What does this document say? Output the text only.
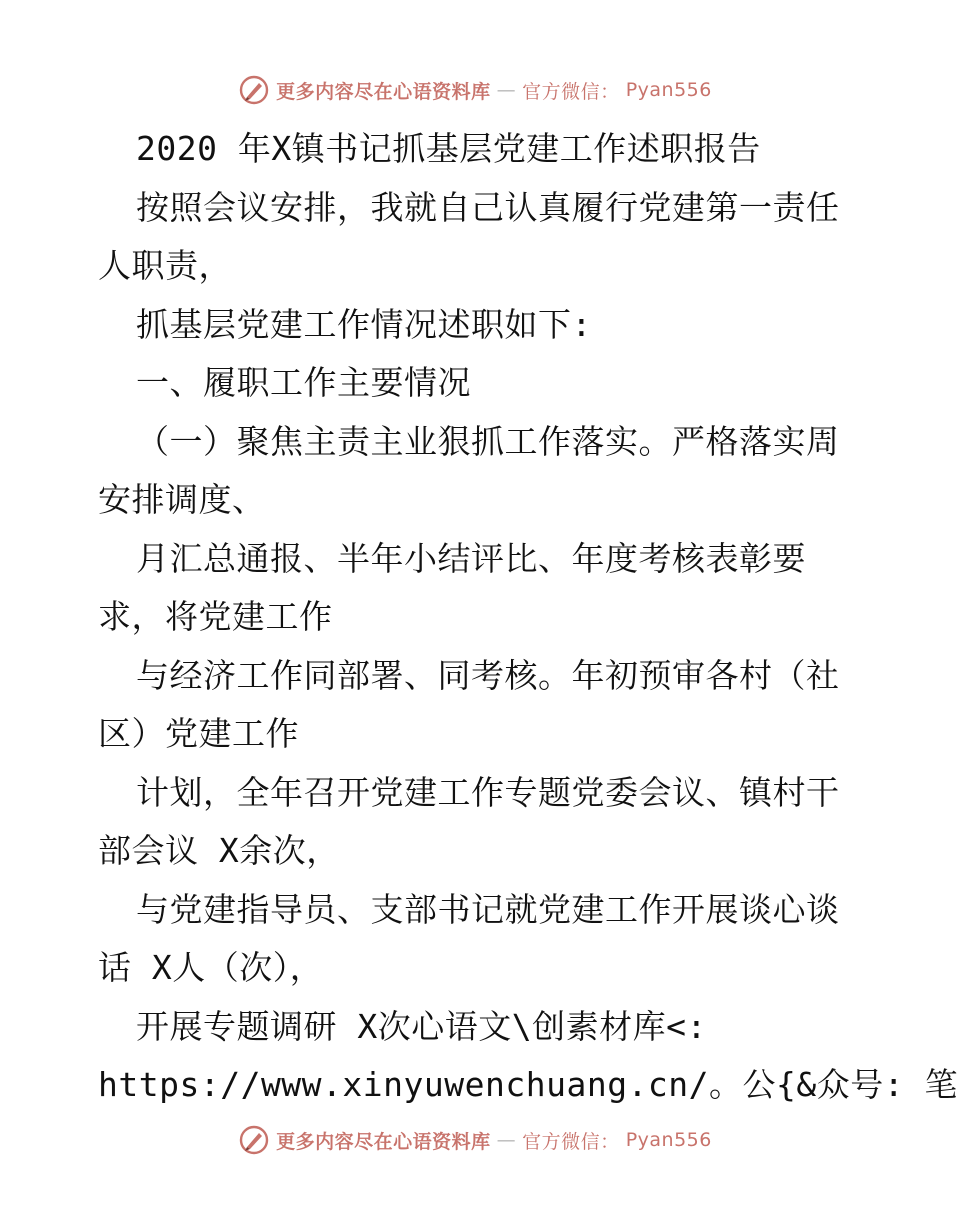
更多内容尽在心语资料库 — 官方微信： Pyan556

2020 年X镇书记抓基层党建工作述职报告

按照会议安排，我就自己认真履行党建第一责任

人职责，

抓基层党建工作情况述职如下:

一、履职工作主要情况

（一）聚焦主责主业狠抓工作落实。严格落实周

安排调度、

月汇总通报、半年小结评比、年度考核表彰要

求，将党建工作

与经济工作同部署、同考核。年初预审各村（社

区）党建工作

计划，全年召开党建工作专题党委会议、镇村干

部会议 X余次，

与党建指导员、支部书记就党建工作开展谈心谈

话 X人（次），

开展专题调研 X次心语文\创素材库<:

https://www.xinyuwenchuang.cn/。公{&众号: 笔

更多内容尽在心语资料库 — 官方微信： Pyan556
